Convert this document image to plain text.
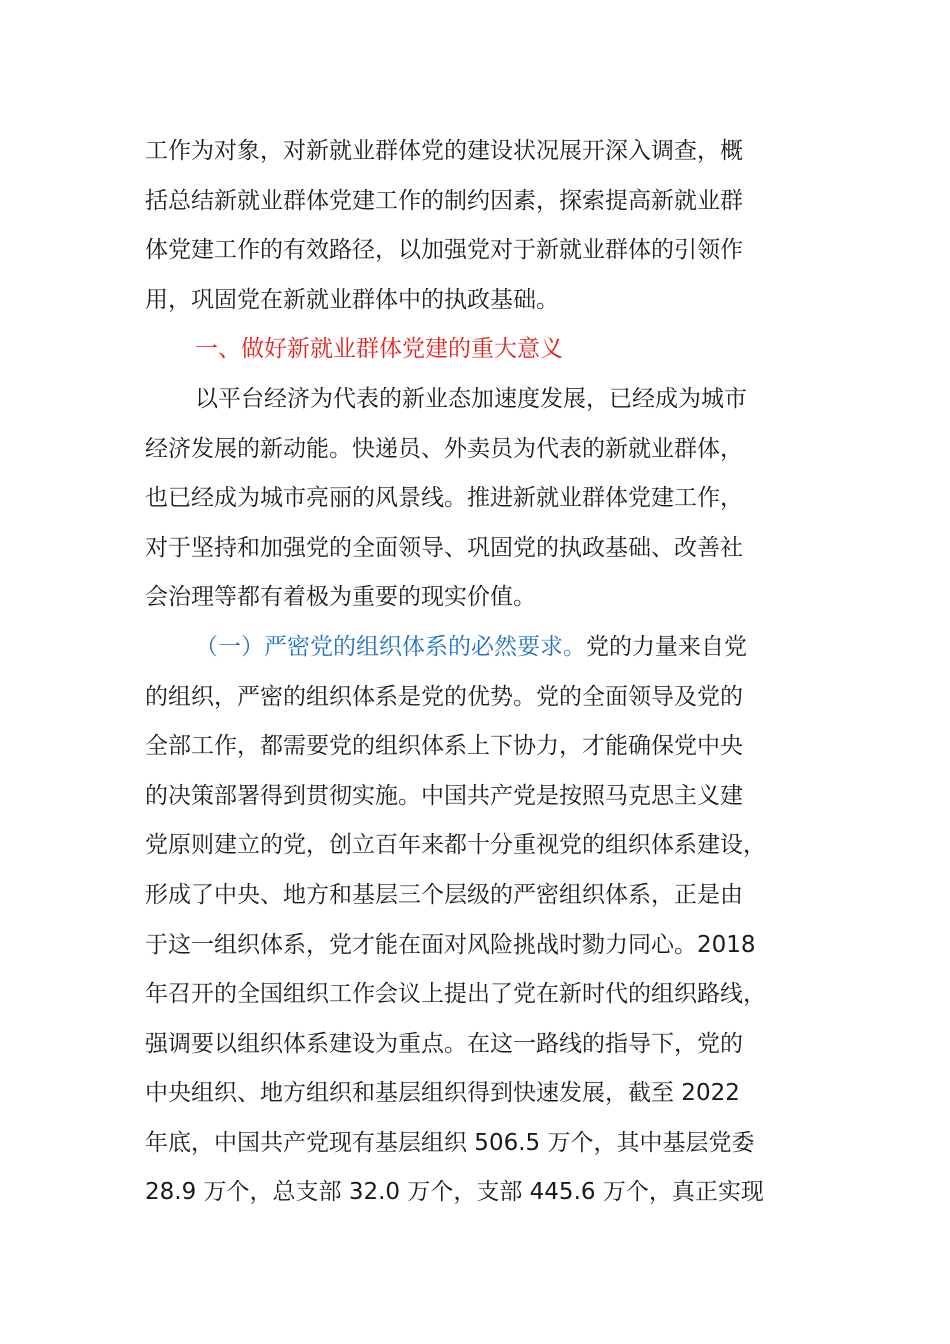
工作为对象，对新就业群体党的建设状况展开深入调查，概
括总结新就业群体党建工作的制约因素，探索提高新就业群
体党建工作的有效路径，以加强党对于新就业群体的引领作
用，巩固党在新就业群体中的执政基础。
一、做好新就业群体党建的重大意义
以平台经济为代表的新业态加速度发展，已经成为城市
经济发展的新动能。快递员、外卖员为代表的新就业群体，
也已经成为城市亮丽的风景线。推进新就业群体党建工作，
对于坚持和加强党的全面领导、巩固党的执政基础、改善社
会治理等都有着极为重要的现实价值。
（一）严密党的组织体系的必然要求。党的力量来自党
的组织，严密的组织体系是党的优势。党的全面领导及党的
全部工作，都需要党的组织体系上下协力，才能确保党中央
的决策部署得到贯彻实施。中国共产党是按照马克思主义建
党原则建立的党，创立百年来都十分重视党的组织体系建设，
形成了中央、地方和基层三个层级的严密组织体系，正是由
于这一组织体系，党才能在面对风险挑战时勠力同心。2018
年召开的全国组织工作会议上提出了党在新时代的组织路线，
强调要以组织体系建设为重点。在这一路线的指导下，党的
中央组织、地方组织和基层组织得到快速发展，截至 2022
年底，中国共产党现有基层组织 506.5 万个，其中基层党委
28.9 万个，总支部 32.0 万个，支部 445.6 万个，真正实现
